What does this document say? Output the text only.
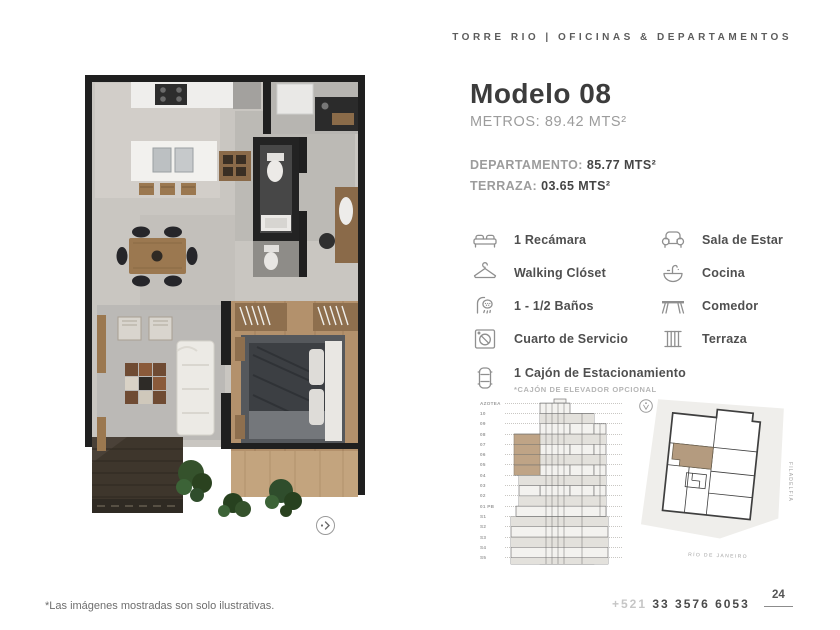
TORRE RIO | OFICINAS & DEPARTAMENTOS
Modelo 08
METROS: 89.42 MTS²
DEPARTAMENTO: 85.77 MTS²
TERRAZA: 03.65 MTS²
1 Recámara
Walking Clóset
1 - 1/2 Baños
Cuarto de Servicio
Sala de Estar
Cocina
Comedor
Terraza
1 Cajón de Estacionamiento
*CAJÓN DE ELEVADOR OPCIONAL
AZOTEA
10
09
08
07
06
05
04
03
02
01 PB
S1
S2
S3
S4
S5	RÍO DE JANEIRO
FILADELFIA
*Las imágenes mostradas son solo ilustrativas.	+521 33 3576 6053
24
